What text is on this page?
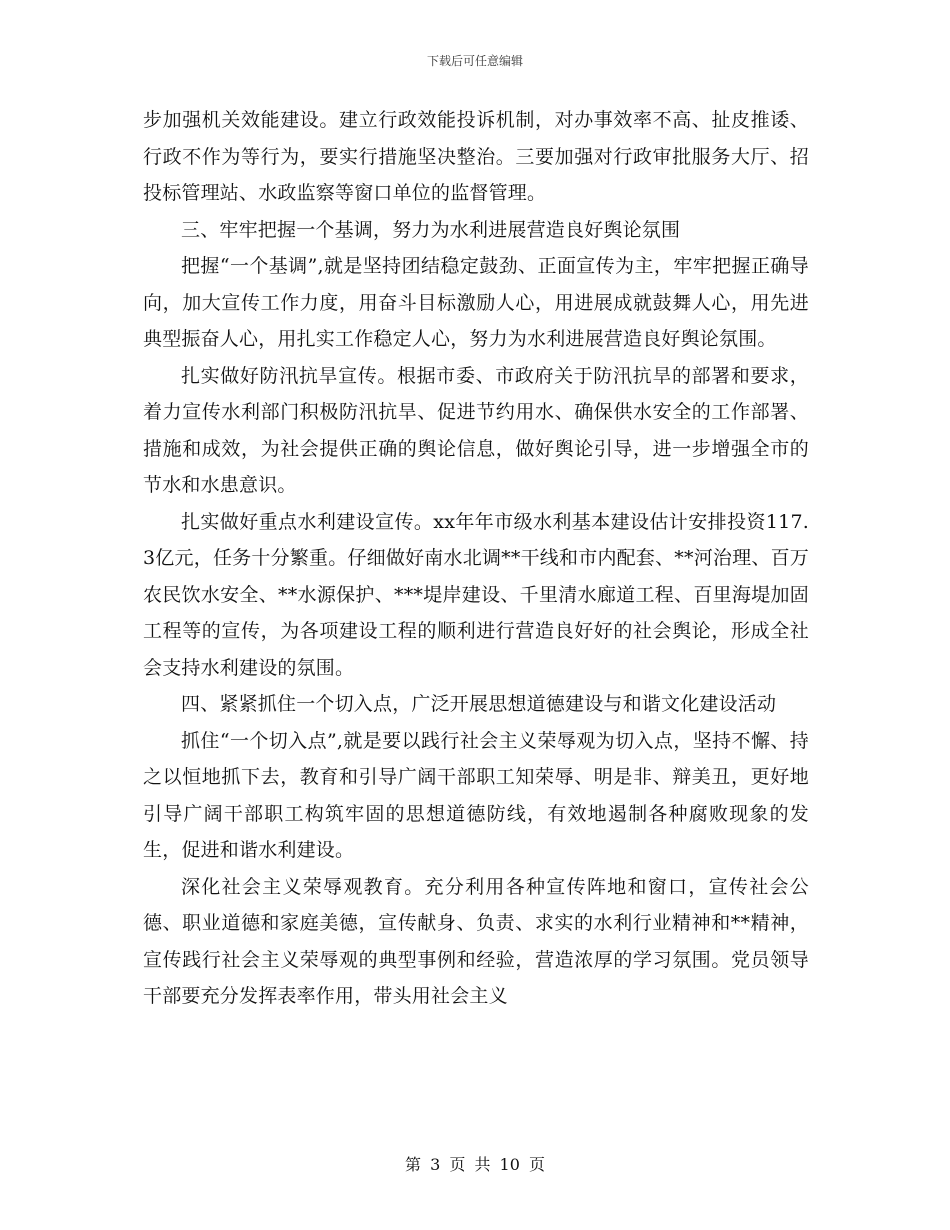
下载后可任意编辑

步加强机关效能建设。建立行政效能投诉机制，对办事效率不高、扯皮推诿、行政不作为等行为，要实行措施坚决整治。三要加强对行政审批服务大厅、招投标管理站、水政监察等窗口单位的监督管理。

三、牢牢把握一个基调，努力为水利进展营造良好舆论氛围

把握“一个基调”,就是坚持团结稳定鼓劲、正面宣传为主，牢牢把握正确导向，加大宣传工作力度，用奋斗目标激励人心，用进展成就鼓舞人心，用先进典型振奋人心，用扎实工作稳定人心，努力为水利进展营造良好舆论氛围。

扎实做好防汛抗旱宣传。根据市委、市政府关于防汛抗旱的部署和要求，着力宣传水利部门积极防汛抗旱、促进节约用水、确保供水安全的工作部署、措施和成效，为社会提供正确的舆论信息，做好舆论引导，进一步增强全市的节水和水患意识。

扎实做好重点水利建设宣传。xx年年市级水利基本建设估计安排投资117.3亿元，任务十分繁重。仔细做好南水北调**干线和市内配套、**河治理、百万农民饮水安全、**水源保护、***堤岸建设、千里清水廊道工程、百里海堤加固工程等的宣传，为各项建设工程的顺利进行营造良好好的社会舆论，形成全社会支持水利建设的氛围。

四、紧紧抓住一个切入点，广泛开展思想道德建设与和谐文化建设活动

抓住“一个切入点”,就是要以践行社会主义荣辱观为切入点，坚持不懈、持之以恒地抓下去，教育和引导广阔干部职工知荣辱、明是非、辩美丑，更好地引导广阔干部职工构筑牢固的思想道德防线，有效地遏制各种腐败现象的发生，促进和谐水利建设。

深化社会主义荣辱观教育。充分利用各种宣传阵地和窗口，宣传社会公德、职业道德和家庭美德，宣传献身、负责、求实的水利行业精神和**精神，宣传践行社会主义荣辱观的典型事例和经验，营造浓厚的学习氛围。党员领导干部要充分发挥表率作用，带头用社会主义

第 3 页 共 10 页
